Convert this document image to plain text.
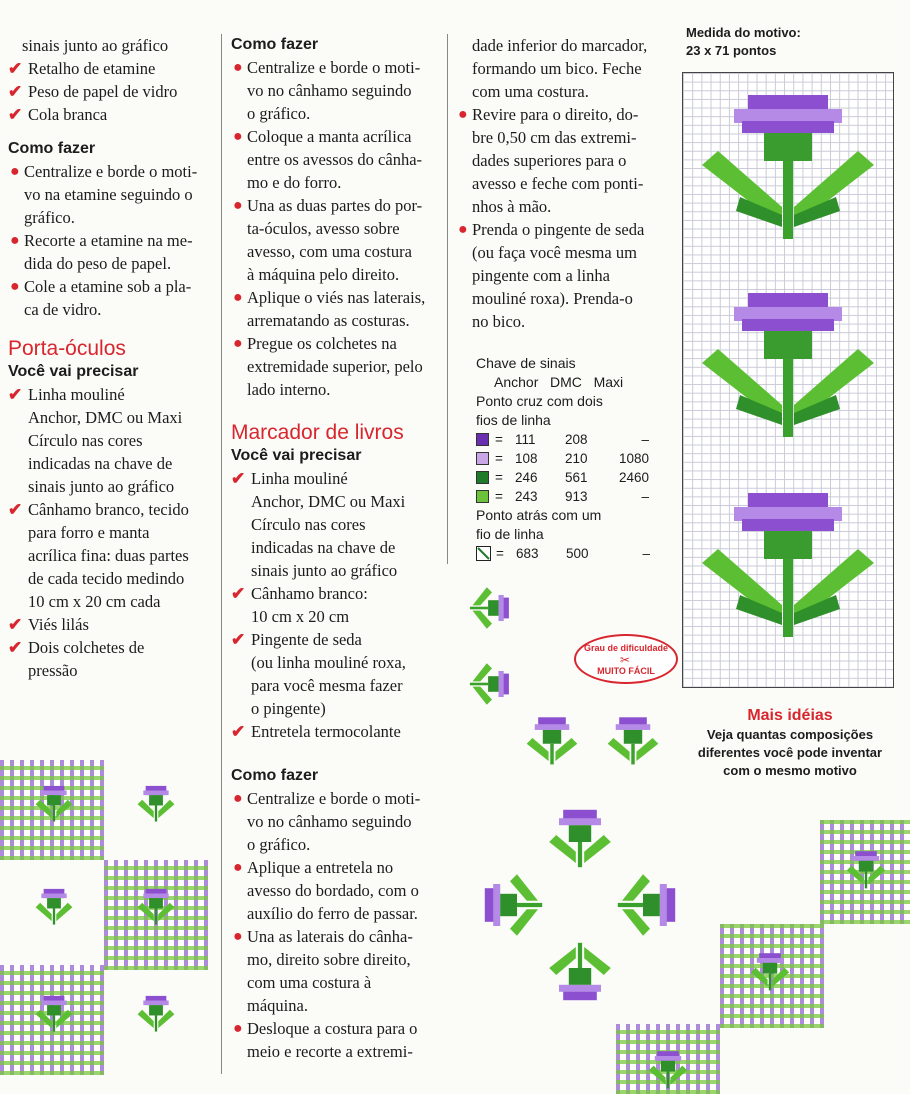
sinais junto ao gráfico
✔ Retalho de etamine
✔ Peso de papel de vidro
✔ Cola branca
Como fazer
● Centralize e borde o moti-
vo na etamine seguindo o
gráfico.
● Recorte a etamine na me-
dida do peso de papel.
● Cole a etamine sob a pla-
ca de vidro.
Porta-óculos
Você vai precisar
✔ Linha mouliné
Anchor, DMC ou Maxi
Círculo nas cores
indicadas na chave de
sinais junto ao gráfico
✔ Cânhamo branco, tecido
para forro e manta
acrílica fina: duas partes
de cada tecido medindo
10 cm x 20 cm cada
✔ Viés lilás
✔ Dois colchetes de
pressão
Como fazer
● Centralize e borde o moti-
vo no cânhamo seguindo
o gráfico.
● Coloque a manta acrílica
entre os avessos do cânha-
mo e do forro.
● Una as duas partes do por-
ta-óculos, avesso sobre
avesso, com uma costura
à máquina pelo direito.
● Aplique o viés nas laterais,
arrematando as costuras.
● Pregue os colchetes na
extremidade superior, pelo
lado interno.
Marcador de livros
Você vai precisar
✔ Linha mouliné
Anchor, DMC ou Maxi
Círculo nas cores
indicadas na chave de
sinais junto ao gráfico
✔ Cânhamo branco:
10 cm x 20 cm
✔ Pingente de seda
(ou linha mouliné roxa,
para você mesma fazer
o pingente)
✔ Entretela termocolante
Como fazer
● Centralize e borde o moti-
vo no cânhamo seguindo
o gráfico.
● Aplique a entretela no
avesso do bordado, com o
auxílio do ferro de passar.
● Una as laterais do cânha-
mo, direito sobre direito,
com uma costura à
máquina.
● Desloque a costura para o
meio e recorte a extremi-
dade inferior do marcador,
formando um bico. Feche
com uma costura.
● Revire para o direito, do-
bre 0,50 cm das extremi-
dades superiores para o
avesso e feche com ponti-
nhos à mão.
● Prenda o pingente de seda
(ou faça você mesma um
pingente com a linha
mouliné roxa). Prenda-o
no bico.
Chave de sinais
Anchor   DMC   Maxi
Ponto cruz com dois
fios de linha
= 111	208	–
= 108	210	1080
= 246	561	2460
= 243	913	–
Ponto atrás com um
fio de linha
= 683	500	–
Grau de dificuldade
✂
MUITO FÁCIL
Medida do motivo:
23 x 71 pontos
Mais idéias
Veja quantas composições
diferentes você pode inventar
com o mesmo motivo
